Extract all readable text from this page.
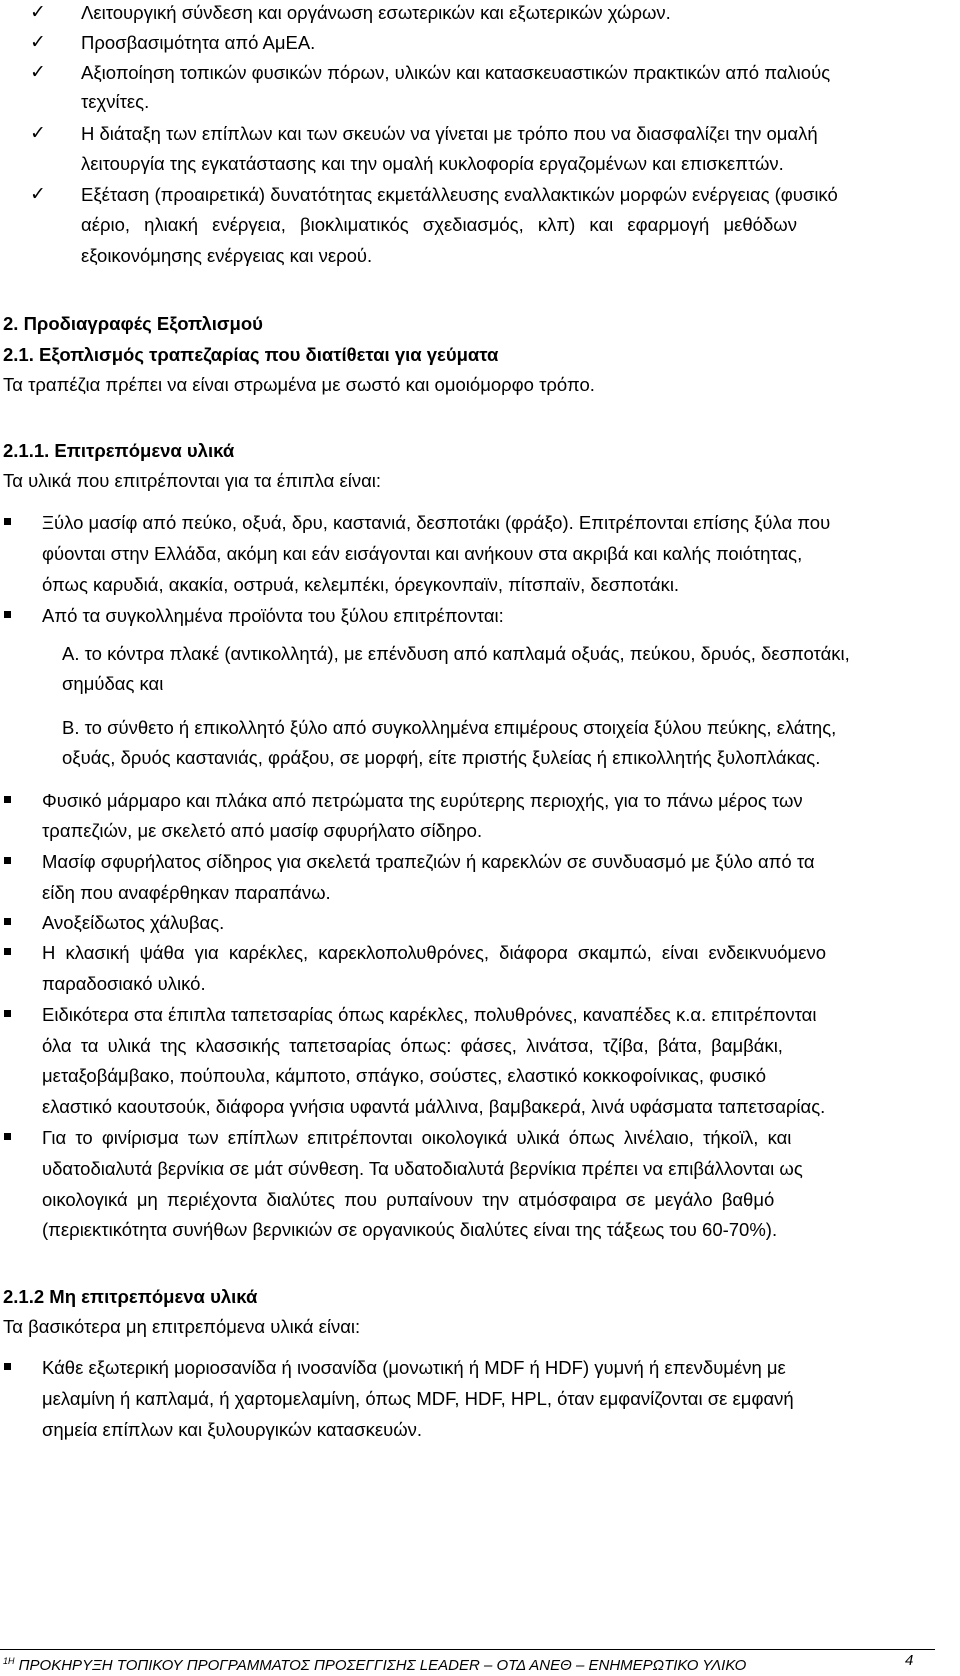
✓ Λειτουργική σύνδεση και οργάνωση εσωτερικών και εξωτερικών χώρων.
✓ Προσβασιμότητα από ΑμΕΑ.
✓ Αξιοποίηση τοπικών φυσικών πόρων, υλικών και κατασκευαστικών πρακτικών από παλιούς
τεχνίτες.
✓ Η διάταξη των επίπλων και των σκευών να γίνεται με τρόπο που να διασφαλίζει την ομαλή
λειτουργία της εγκατάστασης και την ομαλή κυκλοφορία εργαζομένων και επισκεπτών.
✓ Εξέταση (προαιρετικά) δυνατότητας εκμετάλλευσης εναλλακτικών μορφών ενέργειας (φυσικό
αέριο, ηλιακή ενέργεια, βιοκλιματικός σχεδιασμός, κλπ) και εφαρμογή μεθόδων
εξοικονόμησης ενέργειας και νερού.
2. Προδιαγραφές Εξοπλισμού
2.1. Εξοπλισμός τραπεζαρίας που διατίθεται για γεύματα
Τα τραπέζια πρέπει να είναι στρωμένα με σωστό και ομοιόμορφο τρόπο.
2.1.1. Επιτρεπόμενα υλικά
Τα υλικά που επιτρέπονται για τα έπιπλα είναι:
Ξύλο μασίφ από πεύκο, οξυά, δρυ, καστανιά, δεσποτάκι (φράξο). Επιτρέπονται επίσης ξύλα που
φύονται στην Ελλάδα, ακόμη και εάν εισάγονται και ανήκουν στα ακριβά και καλής ποιότητας,
όπως καρυδιά, ακακία, οστρυά, κελεμπέκι, όρεγκονπαϊν, πίτσπαϊν, δεσποτάκι.
Από τα συγκολλημένα προϊόντα του ξύλου επιτρέπονται:
Α. το κόντρα πλακέ (αντικολλητά), με επένδυση από καπλαμά οξυάς, πεύκου, δρυός, δεσποτάκι,
σημύδας και
Β. το σύνθετο ή επικολλητό ξύλο από συγκολλημένα επιμέρους στοιχεία ξύλου πεύκης, ελάτης,
οξυάς, δρυός καστανιάς, φράξου, σε μορφή, είτε πριστής ξυλείας ή επικολλητής ξυλοπλάκας.
Φυσικό μάρμαρο και πλάκα από πετρώματα της ευρύτερης περιοχής, για το πάνω μέρος των
τραπεζιών, με σκελετό από μασίφ σφυρήλατο σίδηρο.
Μασίφ σφυρήλατος σίδηρος για σκελετά τραπεζιών ή καρεκλών σε συνδυασμό με ξύλο από τα
είδη που αναφέρθηκαν παραπάνω.
Ανοξείδωτος χάλυβας.
Η κλασική ψάθα για καρέκλες, καρεκλοπολυθρόνες, διάφορα σκαμπώ, είναι ενδεικνυόμενο
παραδοσιακό υλικό.
Ειδικότερα στα έπιπλα ταπετσαρίας όπως καρέκλες, πολυθρόνες, καναπέδες κ.α. επιτρέπονται
όλα τα υλικά της κλασσικής ταπετσαρίας όπως: φάσες, λινάτσα, τζίβα, βάτα, βαμβάκι,
μεταξοβάμβακο, πούπουλα, κάμποτο, σπάγκο, σούστες, ελαστικό κοκκοφοίνικας, φυσικό
ελαστικό καουτσούκ, διάφορα γνήσια υφαντά μάλλινα, βαμβακερά, λινά υφάσματα ταπετσαρίας.
Για το φινίρισμα των επίπλων επιτρέπονται οικολογικά υλικά όπως λινέλαιο, τήκοϊλ, και
υδατοδιαλυτά βερνίκια σε μάτ σύνθεση. Τα υδατοδιαλυτά βερνίκια πρέπει να επιβάλλονται ως
οικολογικά μη περιέχοντα διαλύτες που ρυπαίνουν την ατμόσφαιρα σε μεγάλο βαθμό
(περιεκτικότητα συνήθων βερνικιών σε οργανικούς διαλύτες είναι της τάξεως του 60-70%).
2.1.2 Μη επιτρεπόμενα υλικά
Τα βασικότερα μη επιτρεπόμενα υλικά είναι:
Κάθε εξωτερική μοριοσανίδα ή ινοσανίδα (μονωτική ή MDF ή HDF) γυμνή ή επενδυμένη με
μελαμίνη ή καπλαμά, ή χαρτομελαμίνη, όπως MDF, HDF, HPL, όταν εμφανίζονται σε εμφανή
σημεία επίπλων και ξυλουργικών κατασκευών.
$^{1H}$ ΠΡΟΚΗΡΥΞΗ ΤΟΠΙΚΟΥ ΠΡΟΓΡΑΜΜΑΤΟΣ ΠΡΟΣΕΓΓΙΣΗΣ LEADER – ΟΤΔ ΑΝΕΘ – ΕΝΗΜΕΡΩΤΙΚΟ ΥΛΙΚΟ	4
